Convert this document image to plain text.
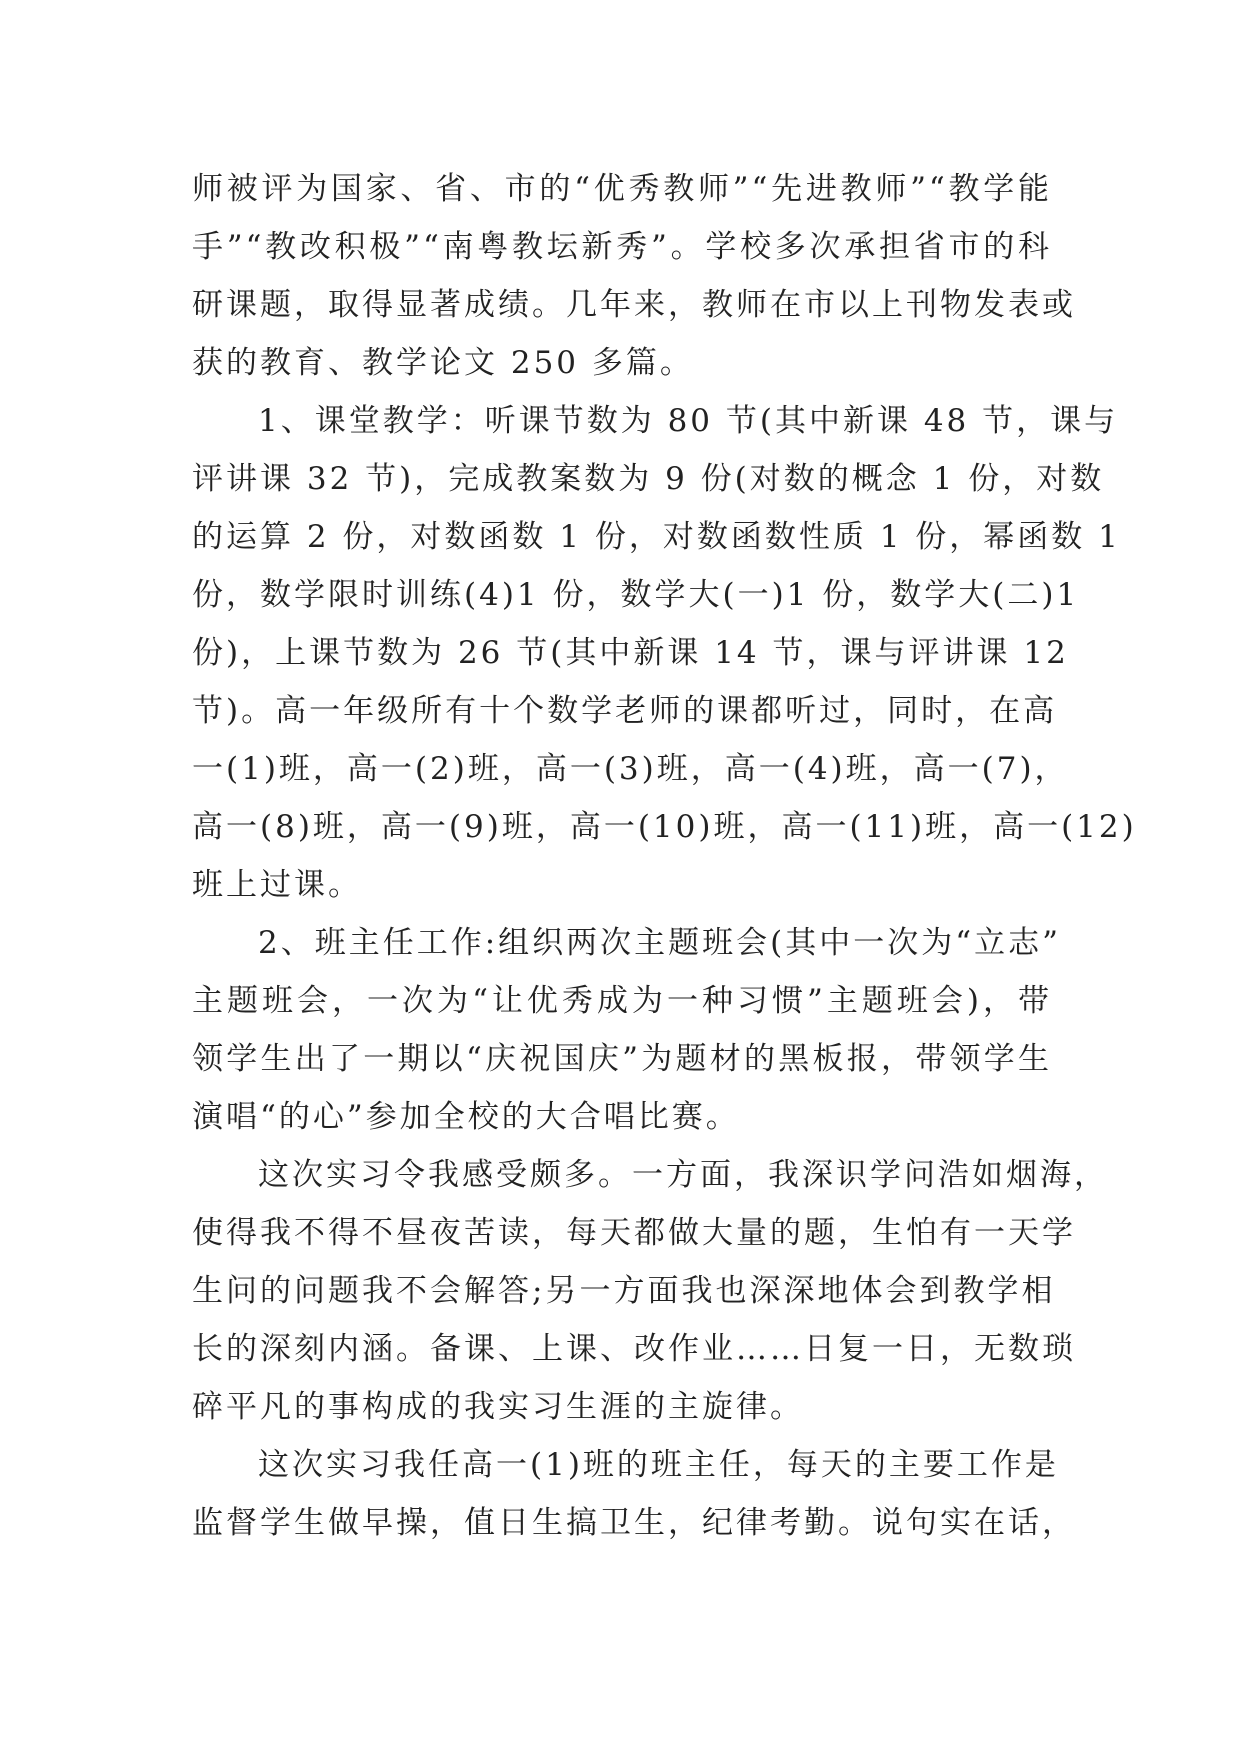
师被评为国家、省、市的“优秀教师”“先进教师”“教学能
手”“教改积极”“南粤教坛新秀”。学校多次承担省市的科
研课题，取得显著成绩。几年来，教师在市以上刊物发表或
获的教育、教学论文 250 多篇。
1、课堂教学：听课节数为 80 节(其中新课 48 节，课与
评讲课 32 节)，完成教案数为 9 份(对数的概念 1 份，对数
的运算 2 份，对数函数 1 份，对数函数性质 1 份，幂函数 1
份，数学限时训练(4)1 份，数学大(一)1 份，数学大(二)1
份)，上课节数为 26 节(其中新课 14 节，课与评讲课 12
节)。高一年级所有十个数学老师的课都听过，同时，在高
一(1)班，高一(2)班，高一(3)班，高一(4)班，高一(7)，
高一(8)班，高一(9)班，高一(10)班，高一(11)班，高一(12)
班上过课。
2、班主任工作:组织两次主题班会(其中一次为“立志”
主题班会，一次为“让优秀成为一种习惯”主题班会)，带
领学生出了一期以“庆祝国庆”为题材的黑板报，带领学生
演唱“的心”参加全校的大合唱比赛。
这次实习令我感受颇多。一方面，我深识学问浩如烟海，
使得我不得不昼夜苦读，每天都做大量的题，生怕有一天学
生问的问题我不会解答;另一方面我也深深地体会到教学相
长的深刻内涵。备课、上课、改作业……日复一日，无数琐
碎平凡的事构成的我实习生涯的主旋律。
这次实习我任高一(1)班的班主任，每天的主要工作是
监督学生做早操，值日生搞卫生，纪律考勤。说句实在话，
